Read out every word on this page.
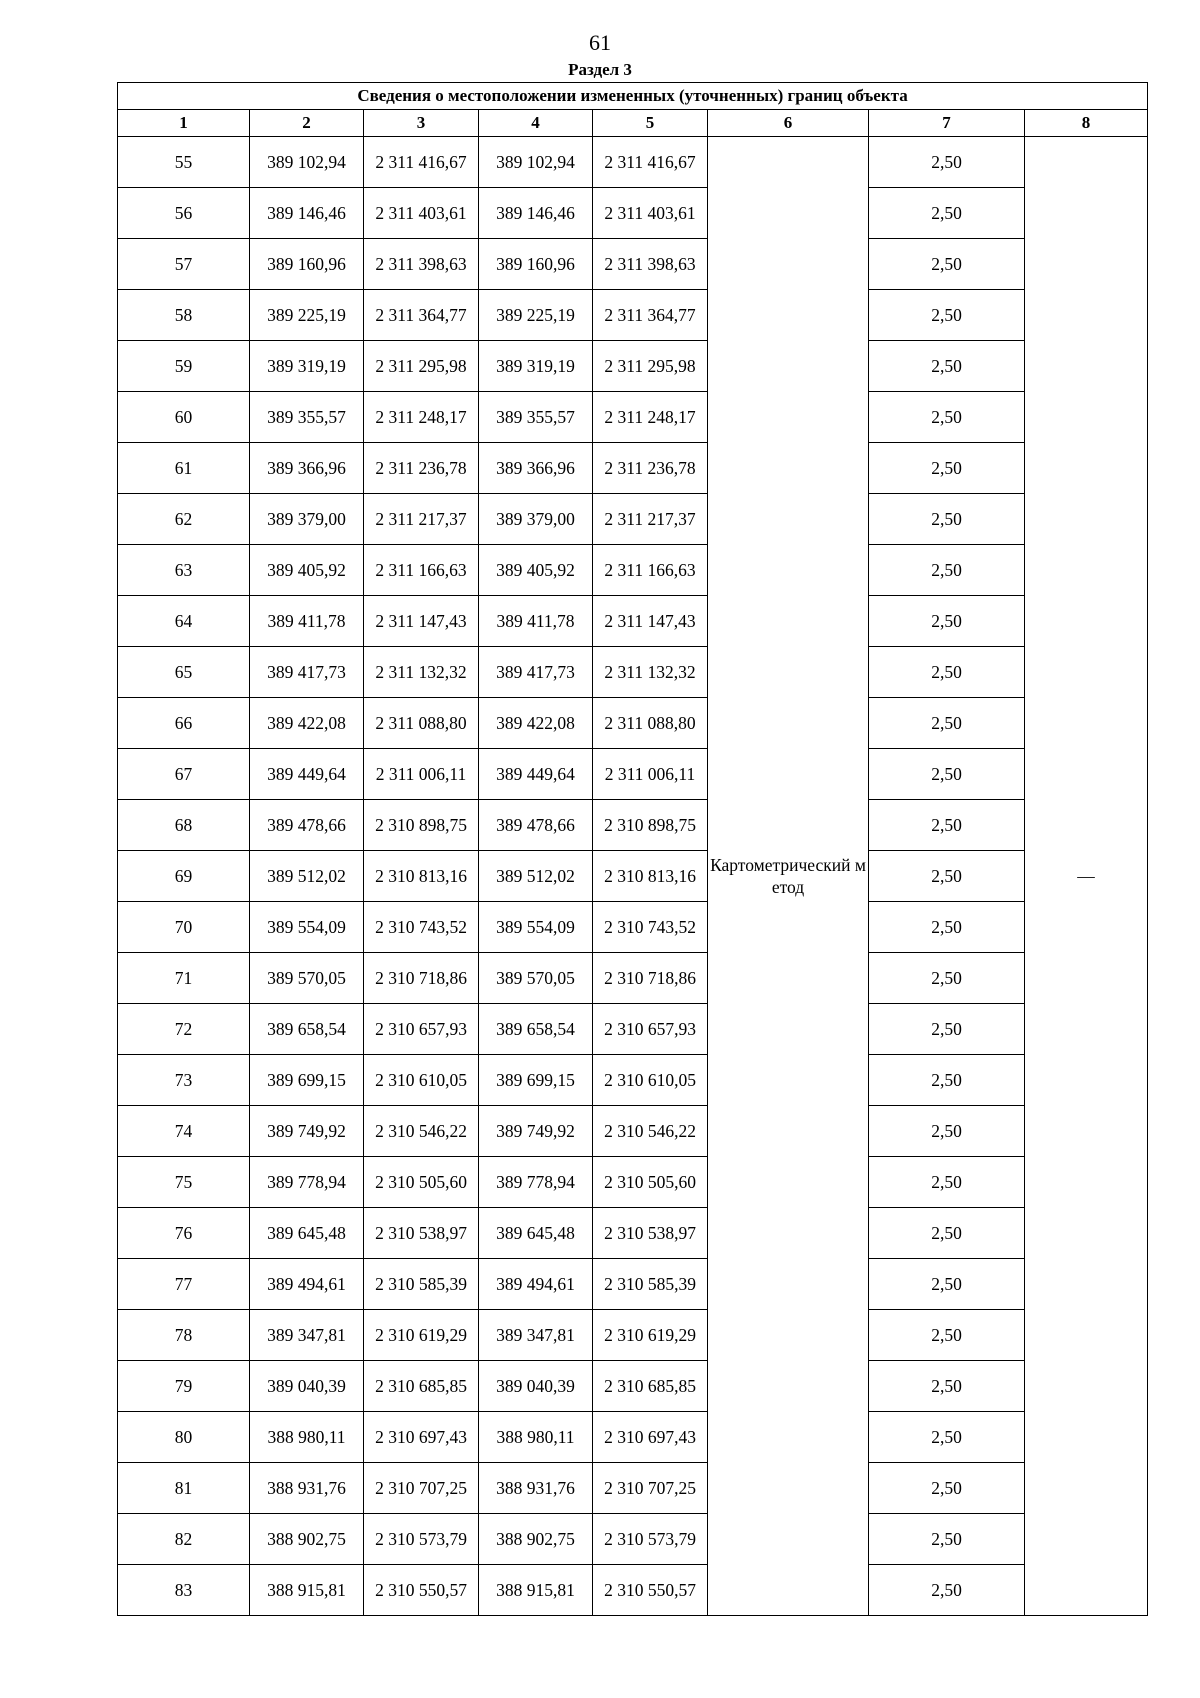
61
Раздел 3
Сведения о местоположении измененных (уточненных) границ объекта							
1	2	3	4	5	6	7	8
55	389 102,94	2 311 416,67	389 102,94	2 311 416,67	Картометрический метод	2,50	—
56	389 146,46	2 311 403,61	389 146,46	2 311 403,61		2,50	
57	389 160,96	2 311 398,63	389 160,96	2 311 398,63		2,50	
58	389 225,19	2 311 364,77	389 225,19	2 311 364,77		2,50	
59	389 319,19	2 311 295,98	389 319,19	2 311 295,98		2,50	
60	389 355,57	2 311 248,17	389 355,57	2 311 248,17		2,50	
61	389 366,96	2 311 236,78	389 366,96	2 311 236,78		2,50	
62	389 379,00	2 311 217,37	389 379,00	2 311 217,37		2,50	
63	389 405,92	2 311 166,63	389 405,92	2 311 166,63		2,50	
64	389 411,78	2 311 147,43	389 411,78	2 311 147,43		2,50	
65	389 417,73	2 311 132,32	389 417,73	2 311 132,32		2,50	
66	389 422,08	2 311 088,80	389 422,08	2 311 088,80		2,50	
67	389 449,64	2 311 006,11	389 449,64	2 311 006,11		2,50	
68	389 478,66	2 310 898,75	389 478,66	2 310 898,75		2,50	
69	389 512,02	2 310 813,16	389 512,02	2 310 813,16		2,50	
70	389 554,09	2 310 743,52	389 554,09	2 310 743,52		2,50	
71	389 570,05	2 310 718,86	389 570,05	2 310 718,86		2,50	
72	389 658,54	2 310 657,93	389 658,54	2 310 657,93		2,50	
73	389 699,15	2 310 610,05	389 699,15	2 310 610,05		2,50	
74	389 749,92	2 310 546,22	389 749,92	2 310 546,22		2,50	
75	389 778,94	2 310 505,60	389 778,94	2 310 505,60		2,50	
76	389 645,48	2 310 538,97	389 645,48	2 310 538,97		2,50	
77	389 494,61	2 310 585,39	389 494,61	2 310 585,39		2,50	
78	389 347,81	2 310 619,29	389 347,81	2 310 619,29		2,50	
79	389 040,39	2 310 685,85	389 040,39	2 310 685,85		2,50	
80	388 980,11	2 310 697,43	388 980,11	2 310 697,43		2,50	
81	388 931,76	2 310 707,25	388 931,76	2 310 707,25		2,50	
82	388 902,75	2 310 573,79	388 902,75	2 310 573,79		2,50	
83	388 915,81	2 310 550,57	388 915,81	2 310 550,57		2,50	
